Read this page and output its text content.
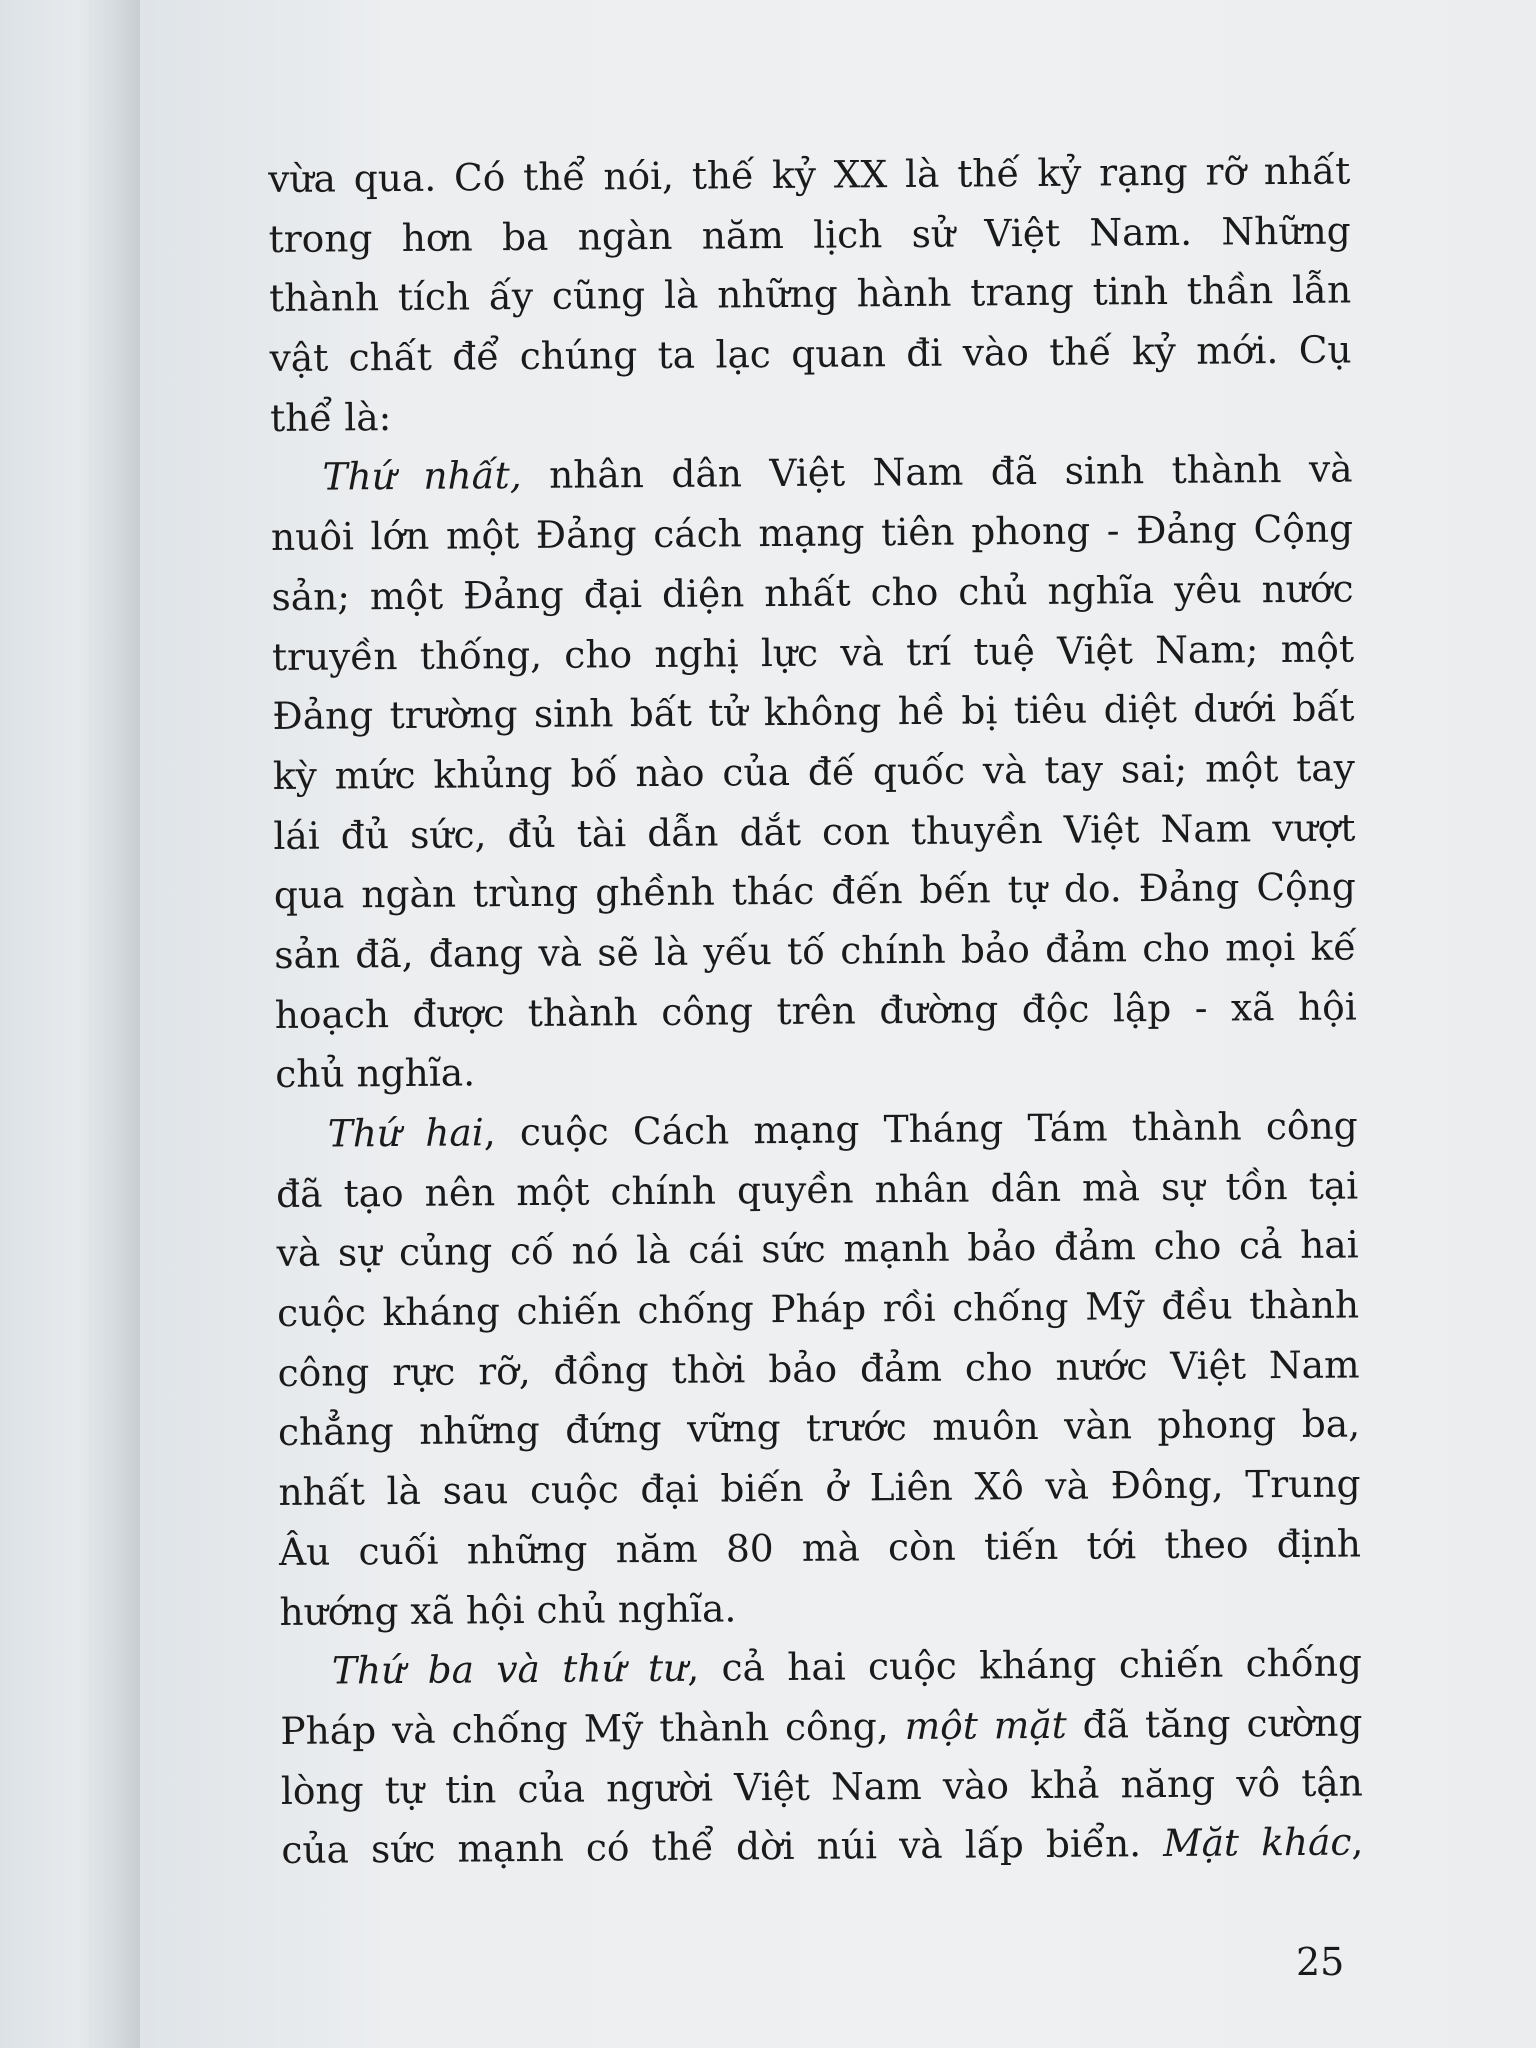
vừa qua. Có thể nói, thế kỷ XX là thế kỷ rạng rỡ nhất
trong hơn ba ngàn năm lịch sử Việt Nam. Những
thành tích ấy cũng là những hành trang tinh thần lẫn
vật chất để chúng ta lạc quan đi vào thế kỷ mới. Cụ
thể là:
Thứ nhất, nhân dân Việt Nam đã sinh thành và
nuôi lớn một Đảng cách mạng tiên phong - Đảng Cộng
sản; một Đảng đại diện nhất cho chủ nghĩa yêu nước
truyền thống, cho nghị lực và trí tuệ Việt Nam; một
Đảng trường sinh bất tử không hề bị tiêu diệt dưới bất
kỳ mức khủng bố nào của đế quốc và tay sai; một tay
lái đủ sức, đủ tài dẫn dắt con thuyền Việt Nam vượt
qua ngàn trùng ghềnh thác đến bến tự do. Đảng Cộng
sản đã, đang và sẽ là yếu tố chính bảo đảm cho mọi kế
hoạch được thành công trên đường độc lập - xã hội
chủ nghĩa.
Thứ hai, cuộc Cách mạng Tháng Tám thành công
đã tạo nên một chính quyền nhân dân mà sự tồn tại
và sự củng cố nó là cái sức mạnh bảo đảm cho cả hai
cuộc kháng chiến chống Pháp rồi chống Mỹ đều thành
công rực rỡ, đồng thời bảo đảm cho nước Việt Nam
chẳng những đứng vững trước muôn vàn phong ba,
nhất là sau cuộc đại biến ở Liên Xô và Đông, Trung
Âu cuối những năm 80 mà còn tiến tới theo định
hướng xã hội chủ nghĩa.
Thứ ba và thứ tư, cả hai cuộc kháng chiến chống
Pháp và chống Mỹ thành công, một mặt đã tăng cường
lòng tự tin của người Việt Nam vào khả năng vô tận
của sức mạnh có thể dời núi và lấp biển. Mặt khác,
25
